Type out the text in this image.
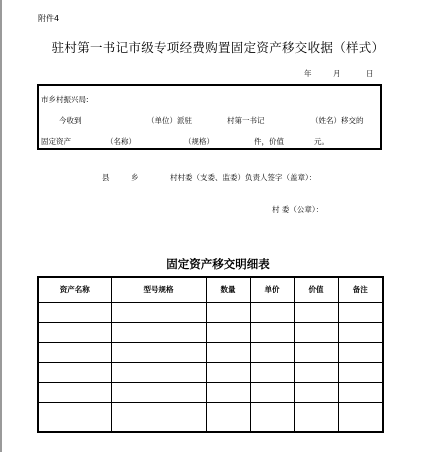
附件4
驻村第一书记市级专项经费购置固定资产移交收据（样式）
年	月	日
市乡村振兴局:
今收到	（单位）派驻	村第一书记	（姓名）移交的
固定资产	（名称）	（规格）	件，价值	元。
县	乡	村村委（支委、监委）负责人签字（盖章）：
村 委（公章）：
固定资产移交明细表
资产名称	型号规格	数量	单价	价值	备注
